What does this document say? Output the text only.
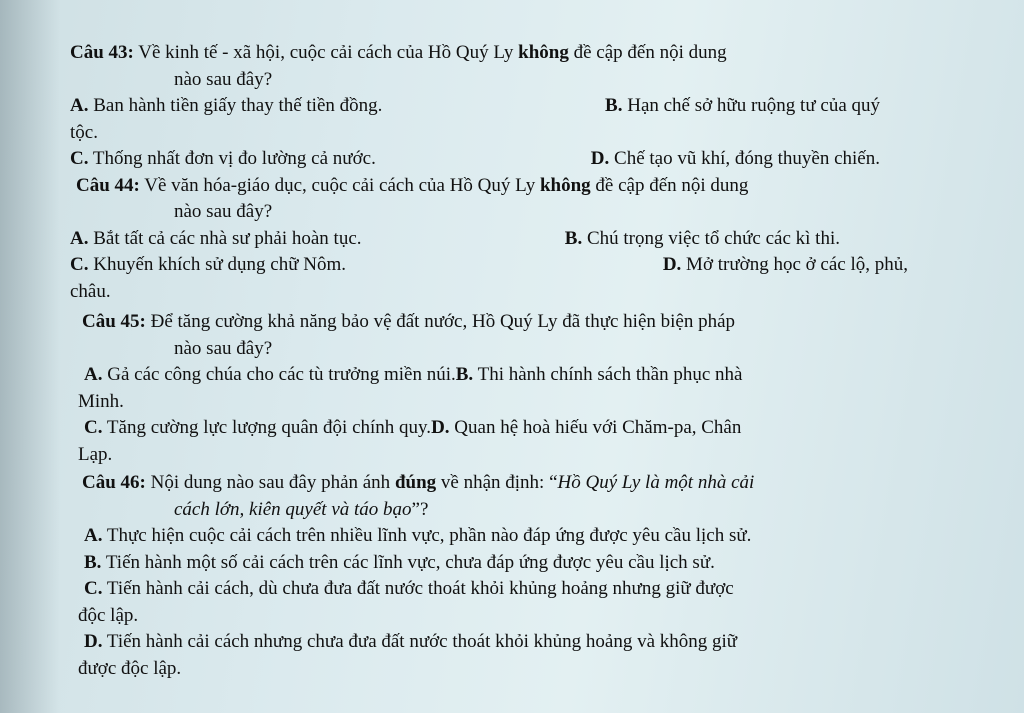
Câu 43: Về kinh tế - xã hội, cuộc cải cách của Hồ Quý Ly không đề cập đến nội dung
nào sau đây?
A. Ban hành tiền giấy thay thế tiền đồng.	B. Hạn chế sở hữu ruộng tư của quý
tộc.
C. Thống nhất đơn vị đo lường cả nước.	D. Chế tạo vũ khí, đóng thuyền chiến.
Câu 44: Về văn hóa-giáo dục, cuộc cải cách của Hồ Quý Ly không đề cập đến nội dung
nào sau đây?
A. Bắt tất cả các nhà sư phải hoàn tục.	B. Chú trọng việc tổ chức các kì thi.
C. Khuyến khích sử dụng chữ Nôm.	D. Mở trường học ở các lộ, phủ,
châu.
Câu 45: Để tăng cường khả năng bảo vệ đất nước, Hồ Quý Ly đã thực hiện biện pháp
nào sau đây?
A. Gả các công chúa cho các tù trưởng miền núi.B. Thi hành chính sách thần phục nhà
Minh.
C. Tăng cường lực lượng quân đội chính quy.D. Quan hệ hoà hiếu với Chăm-pa, Chân
Lạp.
Câu 46: Nội dung nào sau đây phản ánh đúng về nhận định: “Hồ Quý Ly là một nhà cải
cách lớn, kiên quyết và táo bạo”?
A. Thực hiện cuộc cải cách trên nhiều lĩnh vực, phần nào đáp ứng được yêu cầu lịch sử.
B. Tiến hành một số cải cách trên các lĩnh vực, chưa đáp ứng được yêu cầu lịch sử.
C. Tiến hành cải cách, dù chưa đưa đất nước thoát khỏi khủng hoảng nhưng giữ được
độc lập.
D. Tiến hành cải cách nhưng chưa đưa đất nước thoát khỏi khủng hoảng và không giữ
được độc lập.
